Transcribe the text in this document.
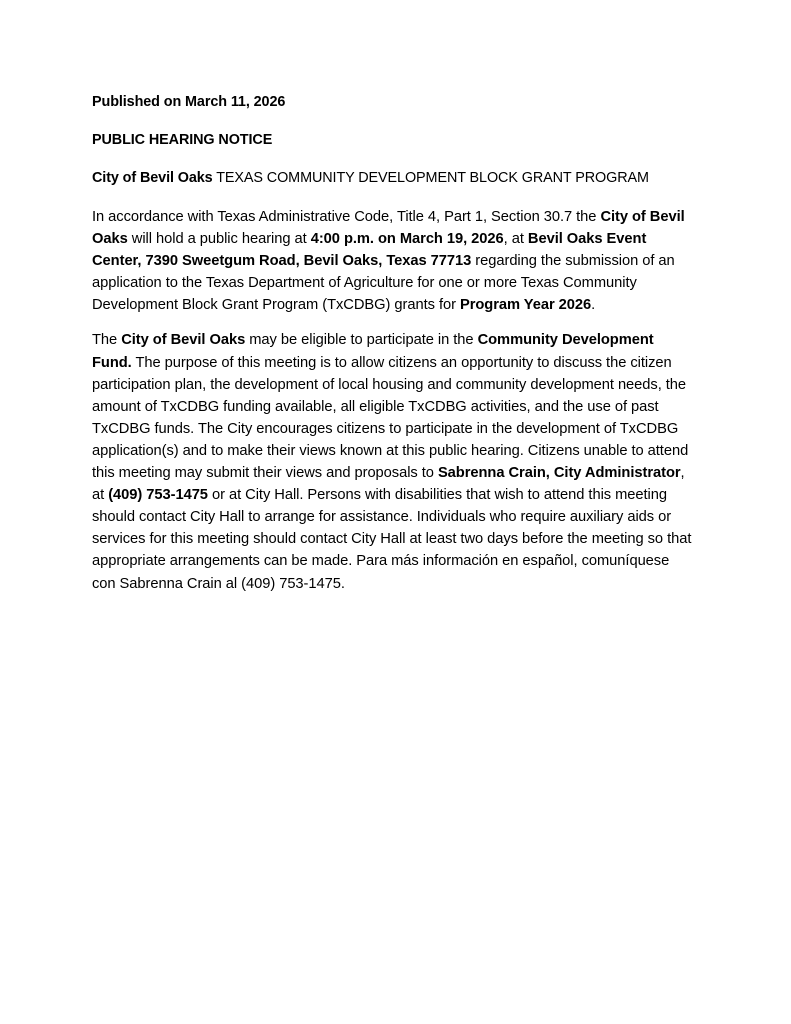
Published on March 11, 2026

PUBLIC HEARING NOTICE

City of Bevil Oaks TEXAS COMMUNITY DEVELOPMENT BLOCK GRANT PROGRAM

In accordance with Texas Administrative Code, Title 4, Part 1, Section 30.7 the City of Bevil Oaks will hold a public hearing at 4:00 p.m. on March 19, 2026, at Bevil Oaks Event Center, 7390 Sweetgum Road, Bevil Oaks, Texas 77713 regarding the submission of an application to the Texas Department of Agriculture for one or more Texas Community Development Block Grant Program (TxCDBG) grants for Program Year 2026.

The City of Bevil Oaks may be eligible to participate in the Community Development Fund. The purpose of this meeting is to allow citizens an opportunity to discuss the citizen participation plan, the development of local housing and community development needs, the amount of TxCDBG funding available, all eligible TxCDBG activities, and the use of past TxCDBG funds. The City encourages citizens to participate in the development of TxCDBG application(s) and to make their views known at this public hearing. Citizens unable to attend this meeting may submit their views and proposals to Sabrenna Crain, City Administrator, at (409) 753-1475 or at City Hall. Persons with disabilities that wish to attend this meeting should contact City Hall to arrange for assistance. Individuals who require auxiliary aids or services for this meeting should contact City Hall at least two days before the meeting so that appropriate arrangements can be made. Para más información en español, comuníquese con Sabrenna Crain al (409) 753-1475.
